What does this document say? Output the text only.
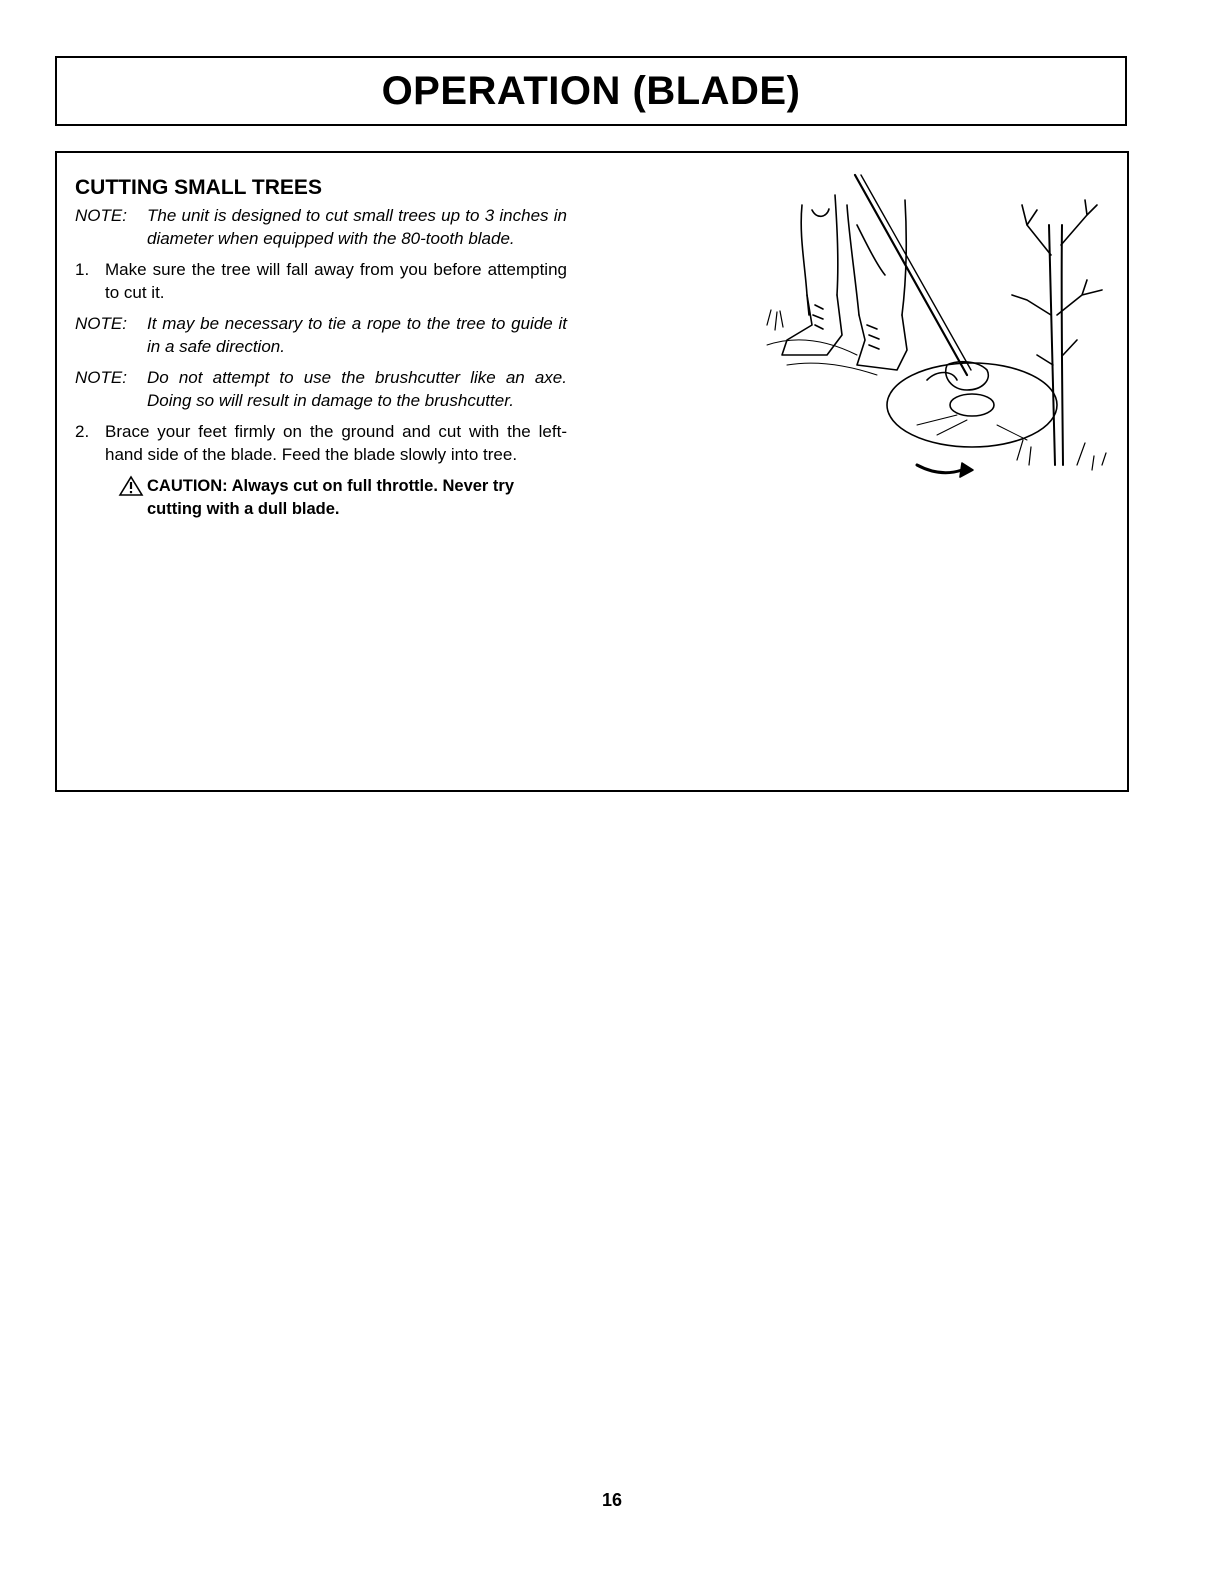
OPERATION (BLADE)
CUTTING SMALL TREES
NOTE:	The unit is designed to cut small trees up to 3 inches in diameter when equipped with the 80-tooth blade.
1. Make sure the tree will fall away from you before attempting to cut it.
NOTE:	It may be necessary to tie a rope to the tree to guide it in a safe direction.
NOTE:	Do not attempt to use the brushcutter like an axe. Doing so will result in damage to the brushcutter.
2. Brace your feet firmly on the ground and cut with the left-hand side of the blade. Feed the blade slowly into tree.
CAUTION: Always cut on full throttle. Never try cutting with a dull blade.
16
